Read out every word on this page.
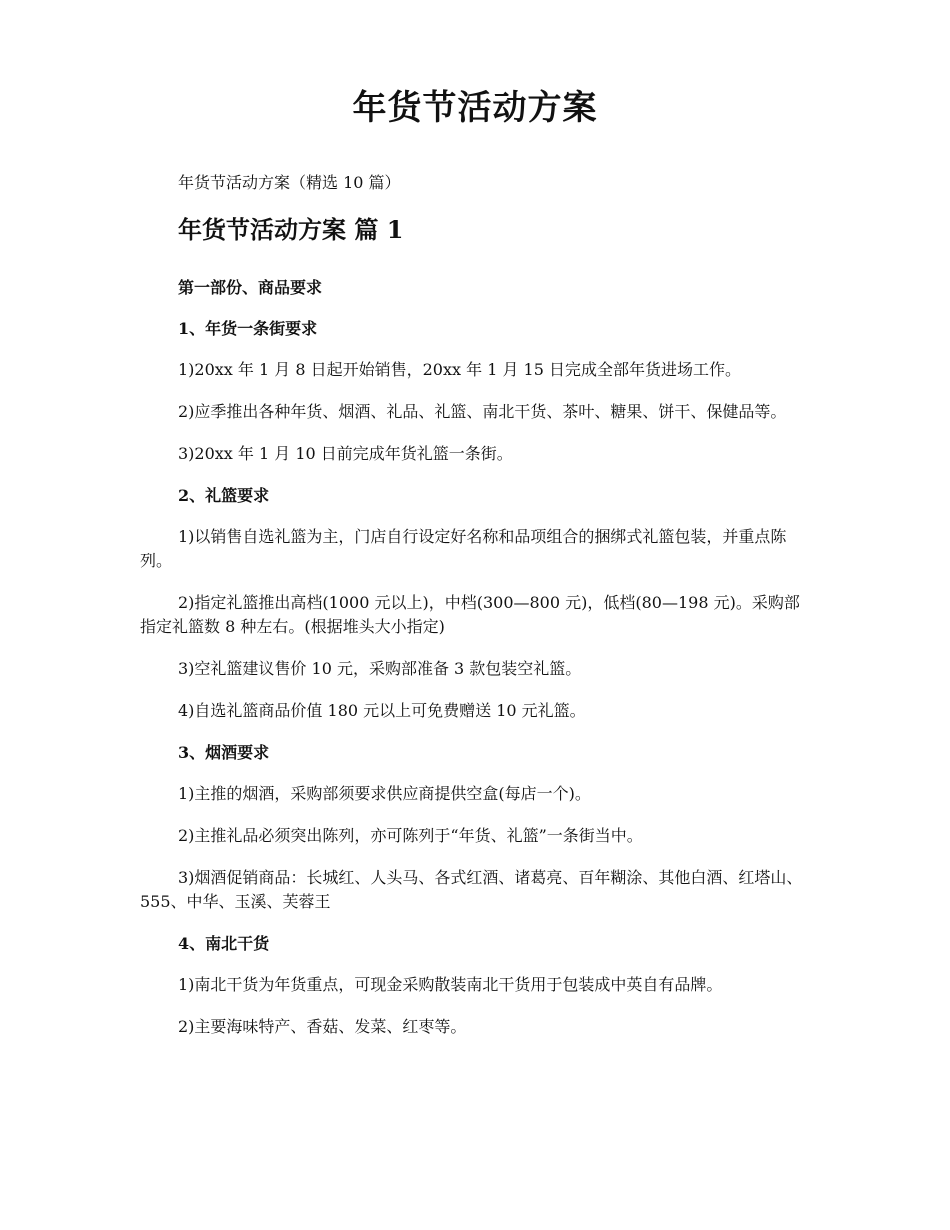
年货节活动方案

年货节活动方案（精选 10 篇）

年货节活动方案 篇 1

第一部份、商品要求

1、年货一条街要求

1)20xx 年 1 月 8 日起开始销售，20xx 年 1 月 15 日完成全部年货进场工作。

2)应季推出各种年货、烟酒、礼品、礼篮、南北干货、茶叶、糖果、饼干、保健品等。

3)20xx 年 1 月 10 日前完成年货礼篮一条街。

2、礼篮要求

1)以销售自选礼篮为主，门店自行设定好名称和品项组合的捆绑式礼篮包装，并重点陈列。

2)指定礼篮推出高档(1000 元以上)，中档(300—800 元)，低档(80—198 元)。采购部指定礼篮数 8 种左右。(根据堆头大小指定)

3)空礼篮建议售价 10 元，采购部准备 3 款包装空礼篮。

4)自选礼篮商品价值 180 元以上可免费赠送 10 元礼篮。

3、烟酒要求

1)主推的烟酒，采购部须要求供应商提供空盒(每店一个)。

2)主推礼品必须突出陈列，亦可陈列于“年货、礼篮”一条街当中。

3)烟酒促销商品：长城红、人头马、各式红酒、诸葛亮、百年糊涂、其他白酒、红塔山、555、中华、玉溪、芙蓉王

4、南北干货

1)南北干货为年货重点，可现金采购散装南北干货用于包装成中英自有品牌。

2)主要海味特产、香菇、发菜、红枣等。
